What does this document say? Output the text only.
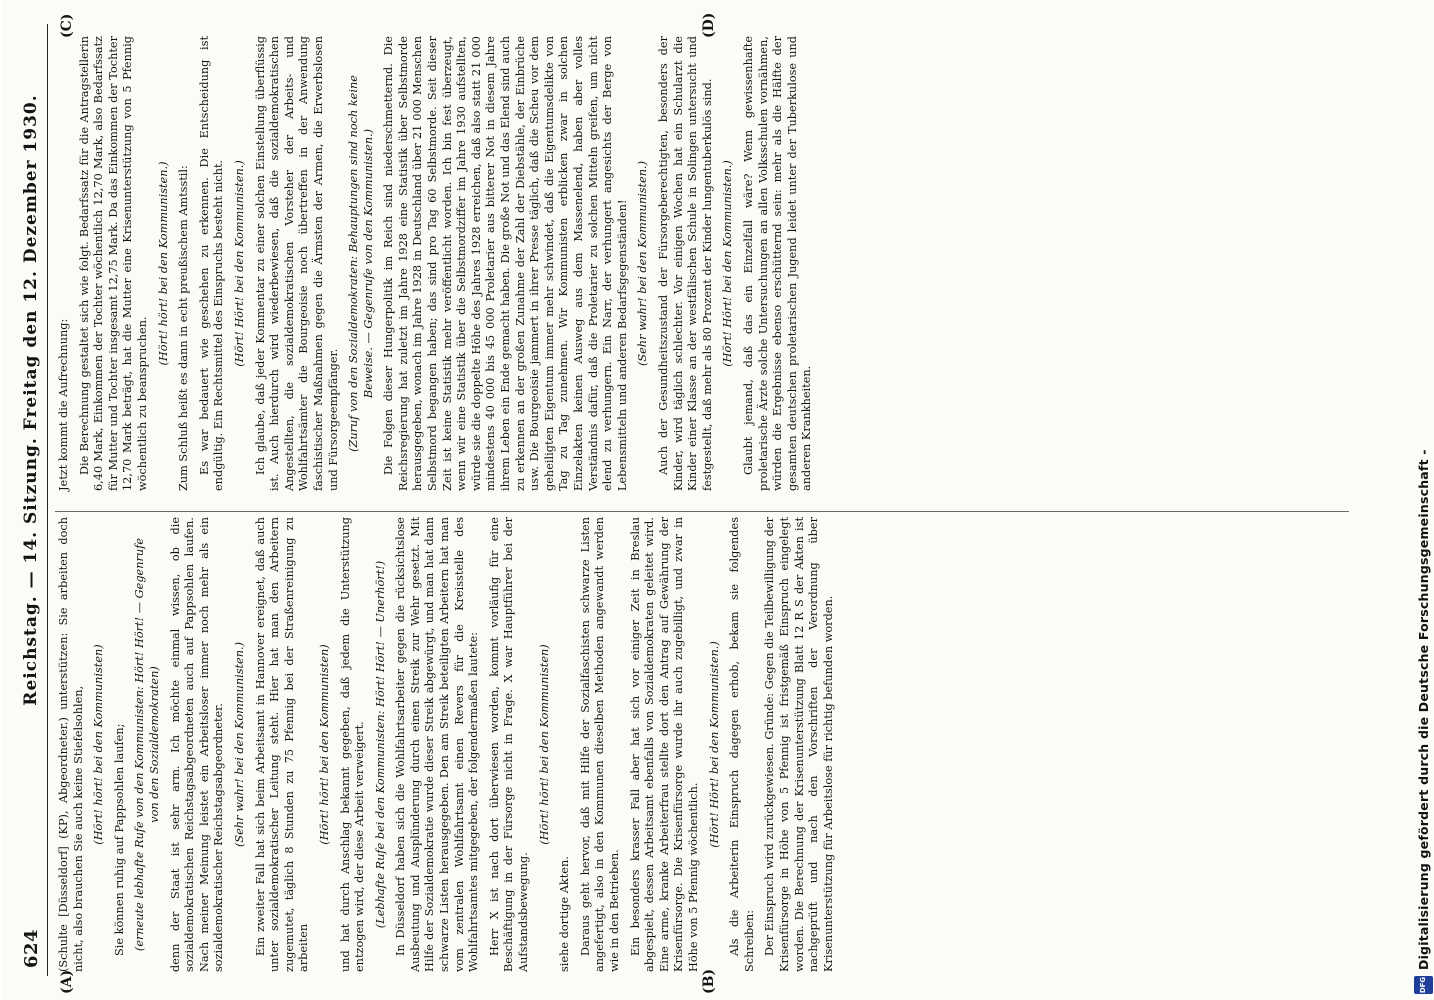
624
Reichstag. — 14. Sitzung. Freitag den 12. Dezember 1930.
(A)	(B)
(C)	(D)

(Schulte [Düsseldorf] (KP), Abgeordneter.) unterstützen: Sie arbeiten doch nicht, also brauchen Sie auch keine Stiefelsohlen, (Hört! hört! bei den Kommunisten) Sie können ruhig auf Pappsohlen laufen; (erneute lebhafte Rufe von den Kommunisten: Hört! Hört! — Gegenrufe von den Sozialdemokraten) denn der Staat ist sehr arm. Ich möchte einmal wissen, ob die sozialdemokratischen Reichstagsabgeordneten auch auf Pappsohlen laufen. Nach meiner Meinung leistet ein Arbeitsloser immer noch mehr als ein sozialdemokratischer Reichstagsabgeordneter. (Sehr wahr! bei den Kommunisten.) Ein zweiter Fall hat sich beim Arbeitsamt in Hannover ereignet, daß auch unter sozialdemokratischer Leitung steht. Hier hat man den Arbeitern zugemutet, täglich 8 Stunden zu 75 Pfennig bei der Straßenreinigung zu arbeiten

(Hört! hört! bei den Kommunisten) und hat durch Anschlag bekannt gegeben, daß jedem die Unterstützung entzogen wird, der diese Arbeit verweigert. (Lebhafte Rufe bei den Kommunisten: Hört! Hört! — Unerhört!) In Düsseldorf haben sich die Wohlfahrtsarbeiter gegen die rücksichtslose Ausbeutung und Ausplünderung durch einen Streik zur Wehr gesetzt. Mit Hilfe der Sozialdemokratie wurde dieser Streik abgewürgt, und man hat dann schwarze Listen herausgegeben. Den am Streik beteiligten Arbeitern hat man vom zentralen Wohlfahrtsamt einen Revers für die Kreisstelle des Wohlfahrtsamtes mitgegeben, der folgendermaßen lautete: Herr X ist nach dort überwiesen worden, kommt vorläufig für eine Beschäftigung in der Fürsorge nicht in Frage. X war Hauptführer bei der Aufstandsbewegung.

(Hört! hört! bei den Kommunisten)

siehe dortige Akten. Daraus geht hervor, daß mit Hilfe der Sozialfaschisten schwarze Listen angefertigt, also in den Kommunen dieselben Methoden angewandt werden wie in den Betrieben. Ein besonders krasser Fall aber hat sich vor einiger Zeit in Breslau abgespielt, dessen Arbeitsamt ebenfalls von Sozialdemokraten geleitet wird. Eine arme, kranke Arbeiterfrau stellte dort den Antrag auf Gewährung der Krisenfürsorge. Die Krisenfürsorge wurde ihr auch zugebilligt, und zwar in Höhe von 5 Pfennig wöchentlich.

(Hört! Hört! bei den Kommunisten.) Als die Arbeiterin Einspruch dagegen erhob, bekam sie folgendes Schreiben: Der Einspruch wird zurückgewiesen. Gründe: Gegen die Teilbewilligung der Krisenfürsorge in Höhe von 5 Pfennig ist fristgemäß Einspruch eingelegt worden. Die Berechnung der Krisenunterstützung Blatt 12 R S der Akten ist nachgeprüft und nach den Vorschriften der Verordnung über Krisenunterstützung für Arbeitslose für richtig befunden worden.

Jetzt kommt die Aufrechnung: Die Berechnung gestaltet sich wie folgt. Bedarfssatz für die Antragstellerin 6,40 Mark, Einkommen der Tochter wöchentlich 12,70 Mark, also Bedarfssatz für Mutter und Tochter insgesamt 12,75 Mark. Da das Einkommen der Tochter 12,70 Mark beträgt, hat die Mutter eine Krisenunterstützung von 5 Pfennig wöchentlich zu beanspruchen.

(Hört! hört! bei den Kommunisten.) Zum Schluß heißt es dann in echt preußischem Amtsstil: Es war bedauert wie geschehen zu erkennen. Die Entscheidung ist endgültig. Ein Rechtsmittel des Einspruchs besteht nicht. (Hört! Hört! bei den Kommunisten.) Ich glaube, daß jeder Kommentar zu einer solchen Einstellung überflüssig ist. Auch hierdurch wird wiederbewiesen, daß die sozialdemokratischen Angestellten, die sozialdemokratischen Vorsteher der Arbeits- und Wohlfahrtsämter die Bourgeoisie noch übertreffen in der Anwendung faschistischer Maßnahmen gegen die Ärmsten der Armen, die Erwerbslosen und Fürsorgeempfänger. (Zuruf von den Sozialdemokraten: Behauptungen sind noch keine Beweise. — Gegenrufe von den Kommunisten.) Die Folgen dieser Hungerpolitik im Reich sind niederschmetternd. Die Reichsregierung hat zuletzt im Jahre 1928 eine Statistik über Selbstmorde herausgegeben, wonach im Jahre 1928 in Deutschland über 21 000 Menschen Selbstmord begangen haben; das sind pro Tag 60 Selbstmorde. Seit dieser Zeit ist keine Statistik mehr veröffentlicht worden. Ich bin fest überzeugt, wenn wir eine Statistik über die Selbstmordziffer im Jahre 1930 aufstellten, würde sie die doppelte Höhe des Jahres 1928 erreichen, daß also statt 21 000 mindestens 40 000 bis 45 000 Proletarier aus bitterer Not in diesem Jahre ihrem Leben ein Ende gemacht haben. Die große Not und das Elend sind auch zu erkennen an der großen Zunahme der Zahl der Diebstähle, der Einbrüche usw. Die Bourgeoisie jammert in ihrer Presse täglich, daß die Scheu vor dem geheiligten Eigentum immer mehr schwindet, daß die Eigentumsdelikte von Tag zu Tag zunehmen. Wir Kommunisten erblicken zwar in solchen Einzelakten keinen Ausweg aus dem Massenelend, haben aber volles Verständnis dafür, daß die Proletarier zu solchen Mitteln greifen, um nicht elend zu verhungern. Ein Narr, der verhungert angesichts der Berge von Lebensmitteln und anderen Bedarfsgegenständen! (Sehr wahr! bei den Kommunisten.) Auch der Gesundheitszustand der Fürsorgeberechtigten, besonders der Kinder, wird täglich schlechter. Vor einigen Wochen hat ein Schularzt die Kinder einer Klasse an der westfälischen Schule in Solingen untersucht und festgestellt, daß mehr als 80 Prozent der Kinder lungentuberkulös sind. (Hört! Hört! bei den Kommunisten.) Glaubt jemand, daß das ein Einzelfall wäre? Wenn gewissenhafte proletarische Ärzte solche Untersuchungen an allen Volksschulen vornähmen, würden die Ergebnisse ebenso erschütternd sein: mehr als die Hälfte der gesamten deutschen proletarischen Jugend leidet unter der Tuberkulose und anderen Krankheiten.

DFG
Digitalisierung gefördert durch die Deutsche Forschungsgemeinschaft -
